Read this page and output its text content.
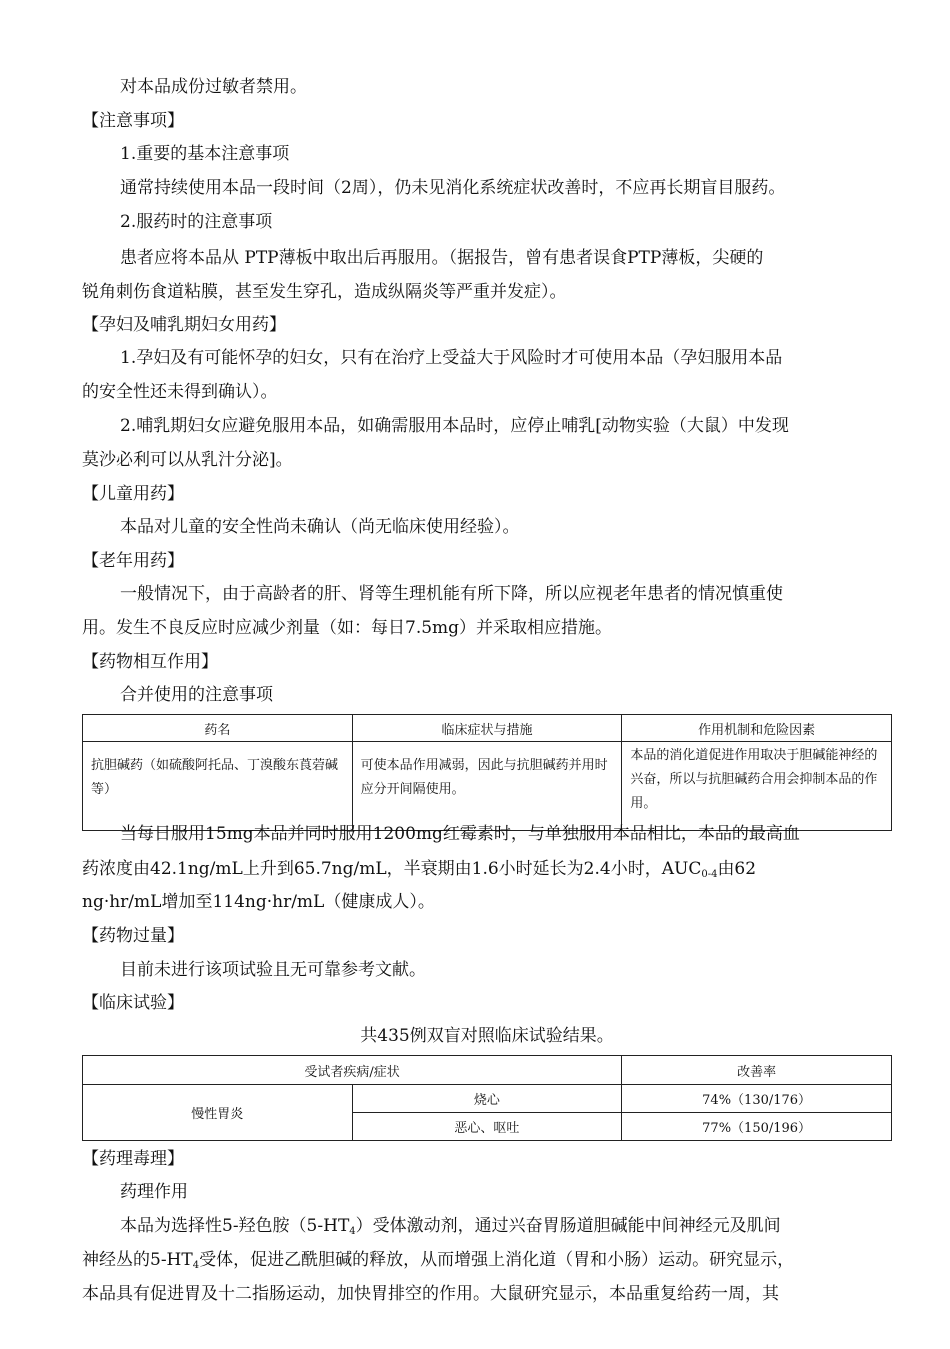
对本品成份过敏者禁用。
【注意事项】
1.重要的基本注意事项
通常持续使用本品一段时间（2周），仍未见消化系统症状改善时，不应再长期盲目服药。
2.服药时的注意事项
患者应将本品从 PTP薄板中取出后再服用。（据报告，曾有患者误食PTP薄板，尖硬的
锐角刺伤食道粘膜，甚至发生穿孔，造成纵隔炎等严重并发症）。
【孕妇及哺乳期妇女用药】
1.孕妇及有可能怀孕的妇女，只有在治疗上受益大于风险时才可使用本品（孕妇服用本品
的安全性还未得到确认）。
2.哺乳期妇女应避免服用本品，如确需服用本品时，应停止哺乳[动物实验（大鼠）中发现
莫沙必利可以从乳汁分泌]。
【儿童用药】
本品对儿童的安全性尚未确认（尚无临床使用经验）。
【老年用药】
一般情况下，由于高龄者的肝、肾等生理机能有所下降，所以应视老年患者的情况慎重使
用。发生不良反应时应减少剂量（如：每日7.5mg）并采取相应措施。
【药物相互作用】
合并使用的注意事项
药名	临床症状与措施	作用机制和危险因素
抗胆碱药（如硫酸阿托品、丁溴酸东莨菪碱等）	可使本品作用减弱，因此与抗胆碱药并用时应分开间隔使用。	本品的消化道促进作用取决于胆碱能神经的兴奋，所以与抗胆碱药合用会抑制本品的作用。
当每日服用15mg本品并同时服用1200mg红霉素时，与单独服用本品相比，本品的最高血
药浓度由42.1ng/mL上升到65.7ng/mL，半衰期由1.6小时延长为2.4小时，$AUC_{0-4}$由62
ng·hr/mL增加至114ng·hr/mL（健康成人）。
【药物过量】
目前未进行该项试验且无可靠参考文献。
【临床试验】
共435例双盲对照临床试验结果。
受试者疾病/症状		改善率
慢性胃炎	烧心	74%（130/176）
	恶心、呕吐	77%（150/196）
【药理毒理】
药理作用
本品为选择性5-羟色胺$(5-HT_4)$受体激动剂，通过兴奋胃肠道胆碱能中间神经元及肌间
神经丛的$5-HT_4$受体，促进乙酰胆碱的释放，从而增强上消化道（胃和小肠）运动。研究显示，
本品具有促进胃及十二指肠运动，加快胃排空的作用。大鼠研究显示，本品重复给药一周，其
